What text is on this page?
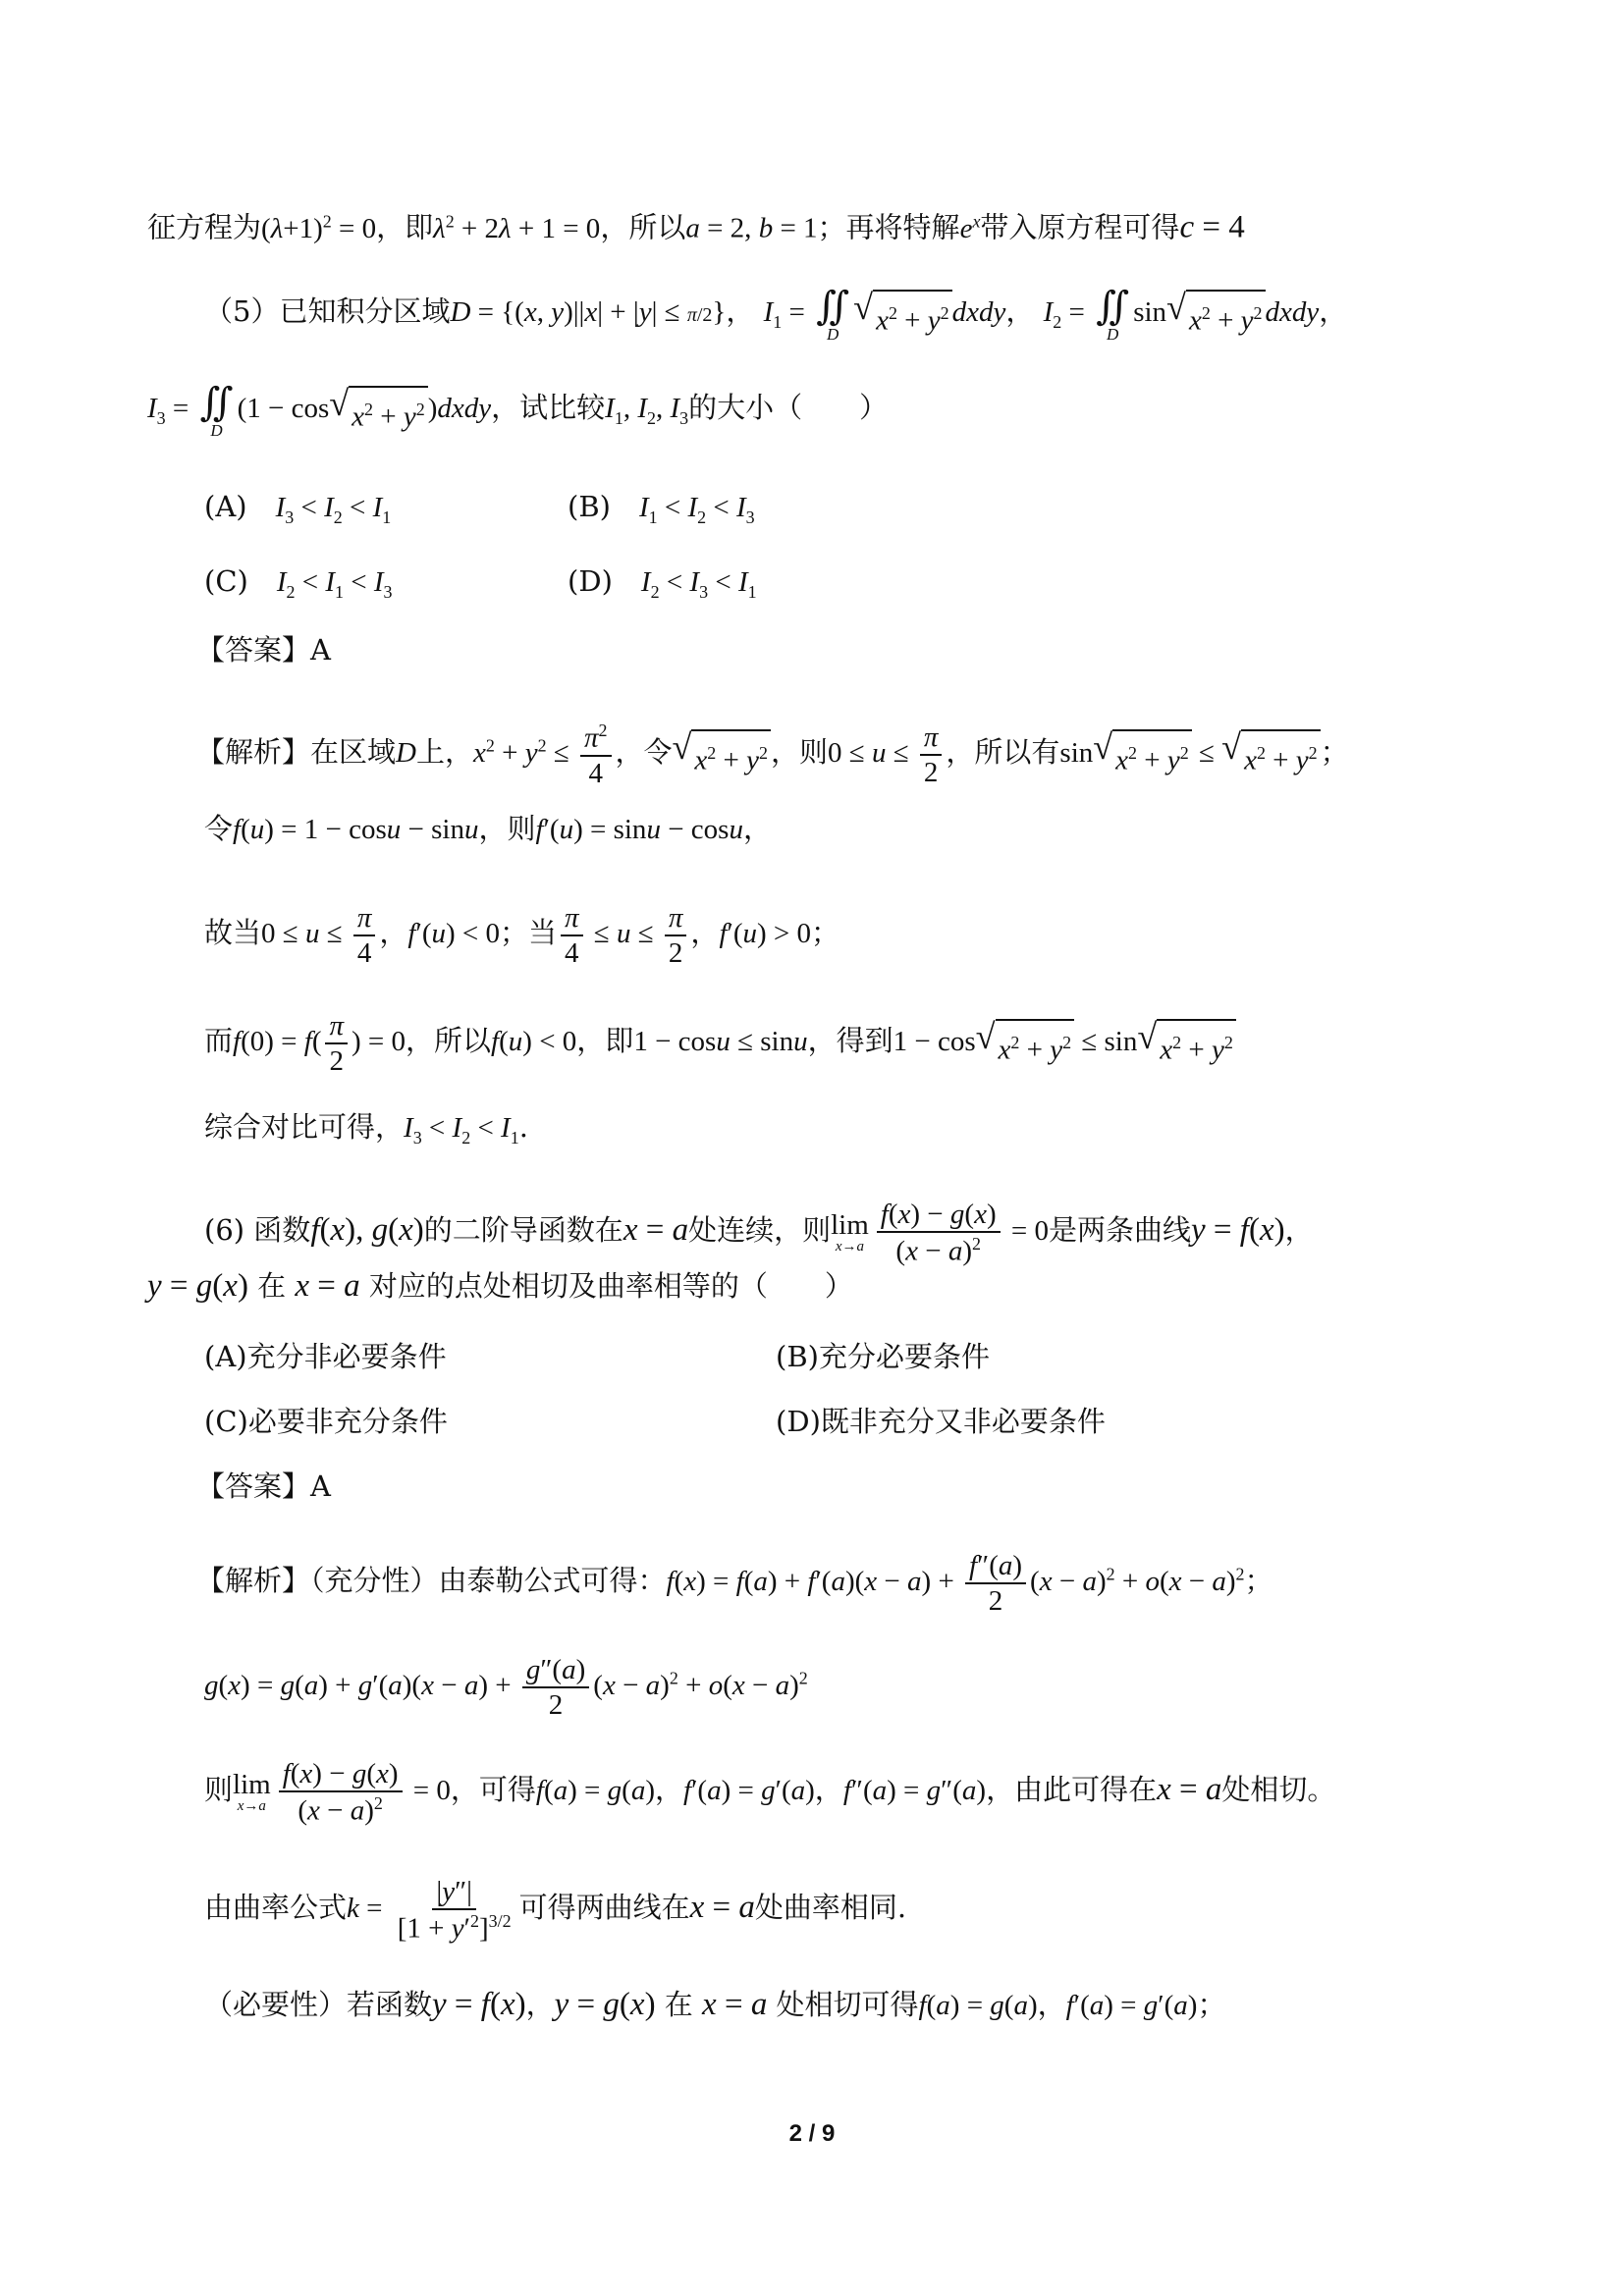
征方程为$(\lambda+1)^2 = 0$，即$\lambda^2 + 2\lambda + 1 = 0$，所以a = 2, b = 1；再将特解$e^x$带入原方程可得c = 4
（5）已知积分区域D = {(x, y)||x| + |y| ≤ π/2}， $I_1$ = ∬
D
√ $x^2 + y^2$ dxdy， $I_2$ = ∬
D
sin √ $x^2 + y^2$ dxdy，
$I_3$ = ∬
D
(1 − cos √ $x^2 + y^2$ )dxdy，试比较$I_1$, $I_2$, $I_3$的大小（　　）
(A)　 $I_3 < I_2 < I_1$	(B)　 $I_1 < I_2 < I_3$
(C)　 $I_2 < I_1 < I_3$	(D)　 $I_2 < I_3 < I_1$
【答案】A
【解析】在区域D上，$x^2 + y^2 \le \frac{\pi^2}{4}$ ，令 √ $x^2 + y^2$ ，则$0 \le u \le \frac{\pi}{2}$ ，所以有sin √ $x^2 + y^2$ ≤ √ $x^2 + y^2$ ；
令f(u) = 1 − cosu − sinu，则f′(u) = sinu − cosu，
故当$0 \le u \le \frac{\pi}{4}$ ，f′(u) < 0；当 $\frac{\pi}{4} \le u \le \frac{\pi}{2}$ ，f′(u) > 0；
而$f(0) = f( \frac{\pi}{2}$ ) = 0，所以f(u) < 0，即1 − cosu ≤ sinu，得到1 − cos √ $x^2 + y^2 \le \sin$ √ $x^2 + y^2$
综合对比可得，$I_3 < I_2 < I_1$.
(6) 函数f(x), g(x)的二阶导函数在x = a处连续，则 lim
$x\to a \frac{f(x) - g(x)}{(x - a)^2} = 0$是两条曲线y = f(x)，
y = g(x) 在 x = a 对应的点处相切及曲率相等的（　　）
(A)充分非必要条件	(B)充分必要条件
(C)必要非充分条件	(D)既非充分又非必要条件
【答案】A
【解析】（充分性）由泰勒公式可得：$f(x) = f(a) + f'(a)(x - a) + \frac{f''(a)}{2} (x - a)^2 + o(x - a)^2$；
$g(x) = g(a) + g'(a)(x - a) + \frac{g''(a)}{2} (x - a)^2 + o(x - a)^2$
则 lim
$x\to a \frac{f(x) - g(x)}{(x - a)^2} = 0$，可得f(a) = g(a)，f′(a) = g′(a)，f″(a) = g″(a)，由此可得在x = a处相切。
由曲率公式$k = \frac{|y''|}{[1 + y'^2]^{3/2}}$ 可得两曲线在x = a处曲率相同.
（必要性）若函数y = f(x)，y = g(x) 在 x = a 处相切可得f(a) = g(a)，f′(a) = g′(a)；
2 / 9
